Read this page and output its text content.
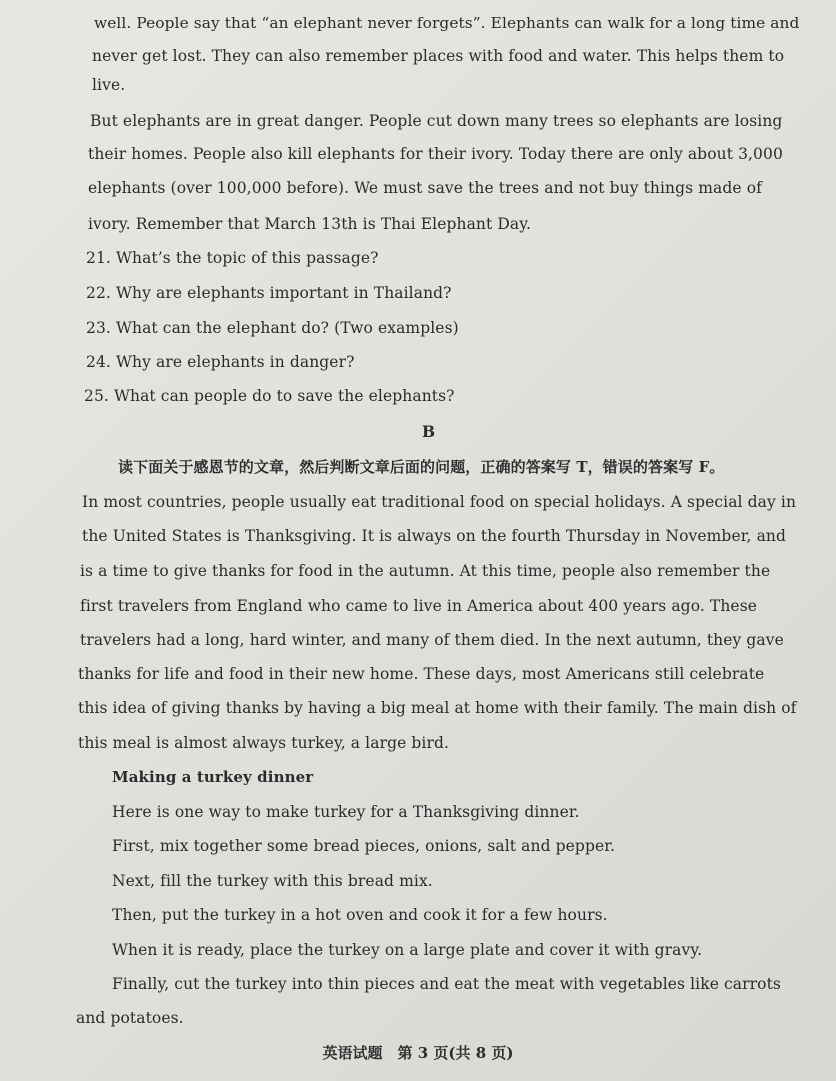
well. People say that “an elephant never forgets”. Elephants can walk for a long time and
never get lost. They can also remember places with food and water. This helps them to
live.
But elephants are in great danger. People cut down many trees so elephants are losing
their homes. People also kill elephants for their ivory. Today there are only about 3,000
elephants (over 100,000 before). We must save the trees and not buy things made of
ivory. Remember that March 13th is Thai Elephant Day.
21. What’s the topic of this passage?
22. Why are elephants important in Thailand?
23. What can the elephant do? (Two examples)
24. Why are elephants in danger?
25. What can people do to save the elephants?
B
读下面关于感恩节的文章，然后判断文章后面的问题，正确的答案写 T，错误的答案写 F。
In most countries, people usually eat traditional food on special holidays. A special day in
the United States is Thanksgiving. It is always on the fourth Thursday in November, and
is a time to give thanks for food in the autumn. At this time, people also remember the
first travelers from England who came to live in America about 400 years ago. These
travelers had a long, hard winter, and many of them died. In the next autumn, they gave
thanks for life and food in their new home. These days, most Americans still celebrate
this idea of giving thanks by having a big meal at home with their family. The main dish of
this meal is almost always turkey, a large bird.
Making a turkey dinner
Here is one way to make turkey for a Thanksgiving dinner.
First, mix together some bread pieces, onions, salt and pepper.
Next, fill the turkey with this bread mix.
Then, put the turkey in a hot oven and cook it for a few hours.
When it is ready, place the turkey on a large plate and cover it with gravy.
Finally, cut the turkey into thin pieces and eat the meat with vegetables like carrots
and potatoes.
英语试题　第 3 页(共 8 页)
